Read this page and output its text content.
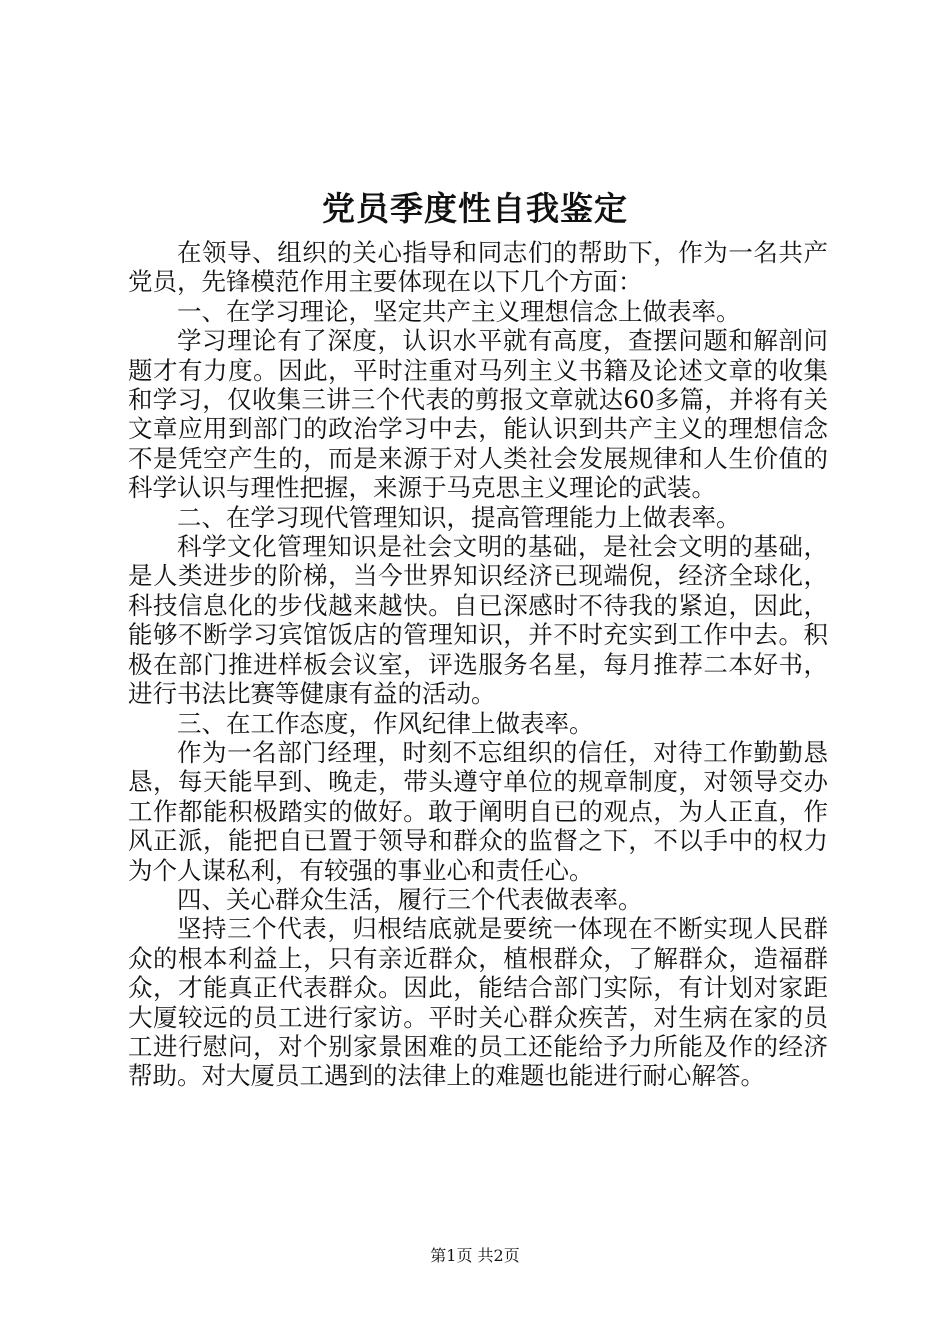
党员季度性自我鉴定

在领导、组织的关心指导和同志们的帮助下，作为一名共产党员，先锋模范作用主要体现在以下几个方面：

一、在学习理论，坚定共产主义理想信念上做表率。

学习理论有了深度，认识水平就有高度，查摆问题和解剖问题才有力度。因此，平时注重对马列主义书籍及论述文章的收集和学习，仅收集三讲三个代表的剪报文章就达60多篇，并将有关文章应用到部门的政治学习中去，能认识到共产主义的理想信念不是凭空产生的，而是来源于对人类社会发展规律和人生价值的科学认识与理性把握，来源于马克思主义理论的武装。

二、在学习现代管理知识，提高管理能力上做表率。

科学文化管理知识是社会文明的基础，是社会文明的基础，是人类进步的阶梯，当今世界知识经济已现端倪，经济全球化，科技信息化的步伐越来越快。自已深感时不待我的紧迫，因此，能够不断学习宾馆饭店的管理知识，并不时充实到工作中去。积极在部门推进样板会议室，评选服务名星，每月推荐二本好书，进行书法比赛等健康有益的活动。

三、在工作态度，作风纪律上做表率。

作为一名部门经理，时刻不忘组织的信任，对待工作勤勤恳恳，每天能早到、晚走，带头遵守单位的规章制度，对领导交办工作都能积极踏实的做好。敢于阐明自已的观点，为人正直，作风正派，能把自已置于领导和群众的监督之下，不以手中的权力为个人谋私利，有较强的事业心和责任心。

四、关心群众生活，履行三个代表做表率。

坚持三个代表，归根结底就是要统一体现在不断实现人民群众的根本利益上，只有亲近群众，植根群众，了解群众，造福群众，才能真正代表群众。因此，能结合部门实际，有计划对家距大厦较远的员工进行家访。平时关心群众疾苦，对生病在家的员工进行慰问，对个别家景困难的员工还能给予力所能及作的经济帮助。对大厦员工遇到的法律上的难题也能进行耐心解答。

第1页 共2页
